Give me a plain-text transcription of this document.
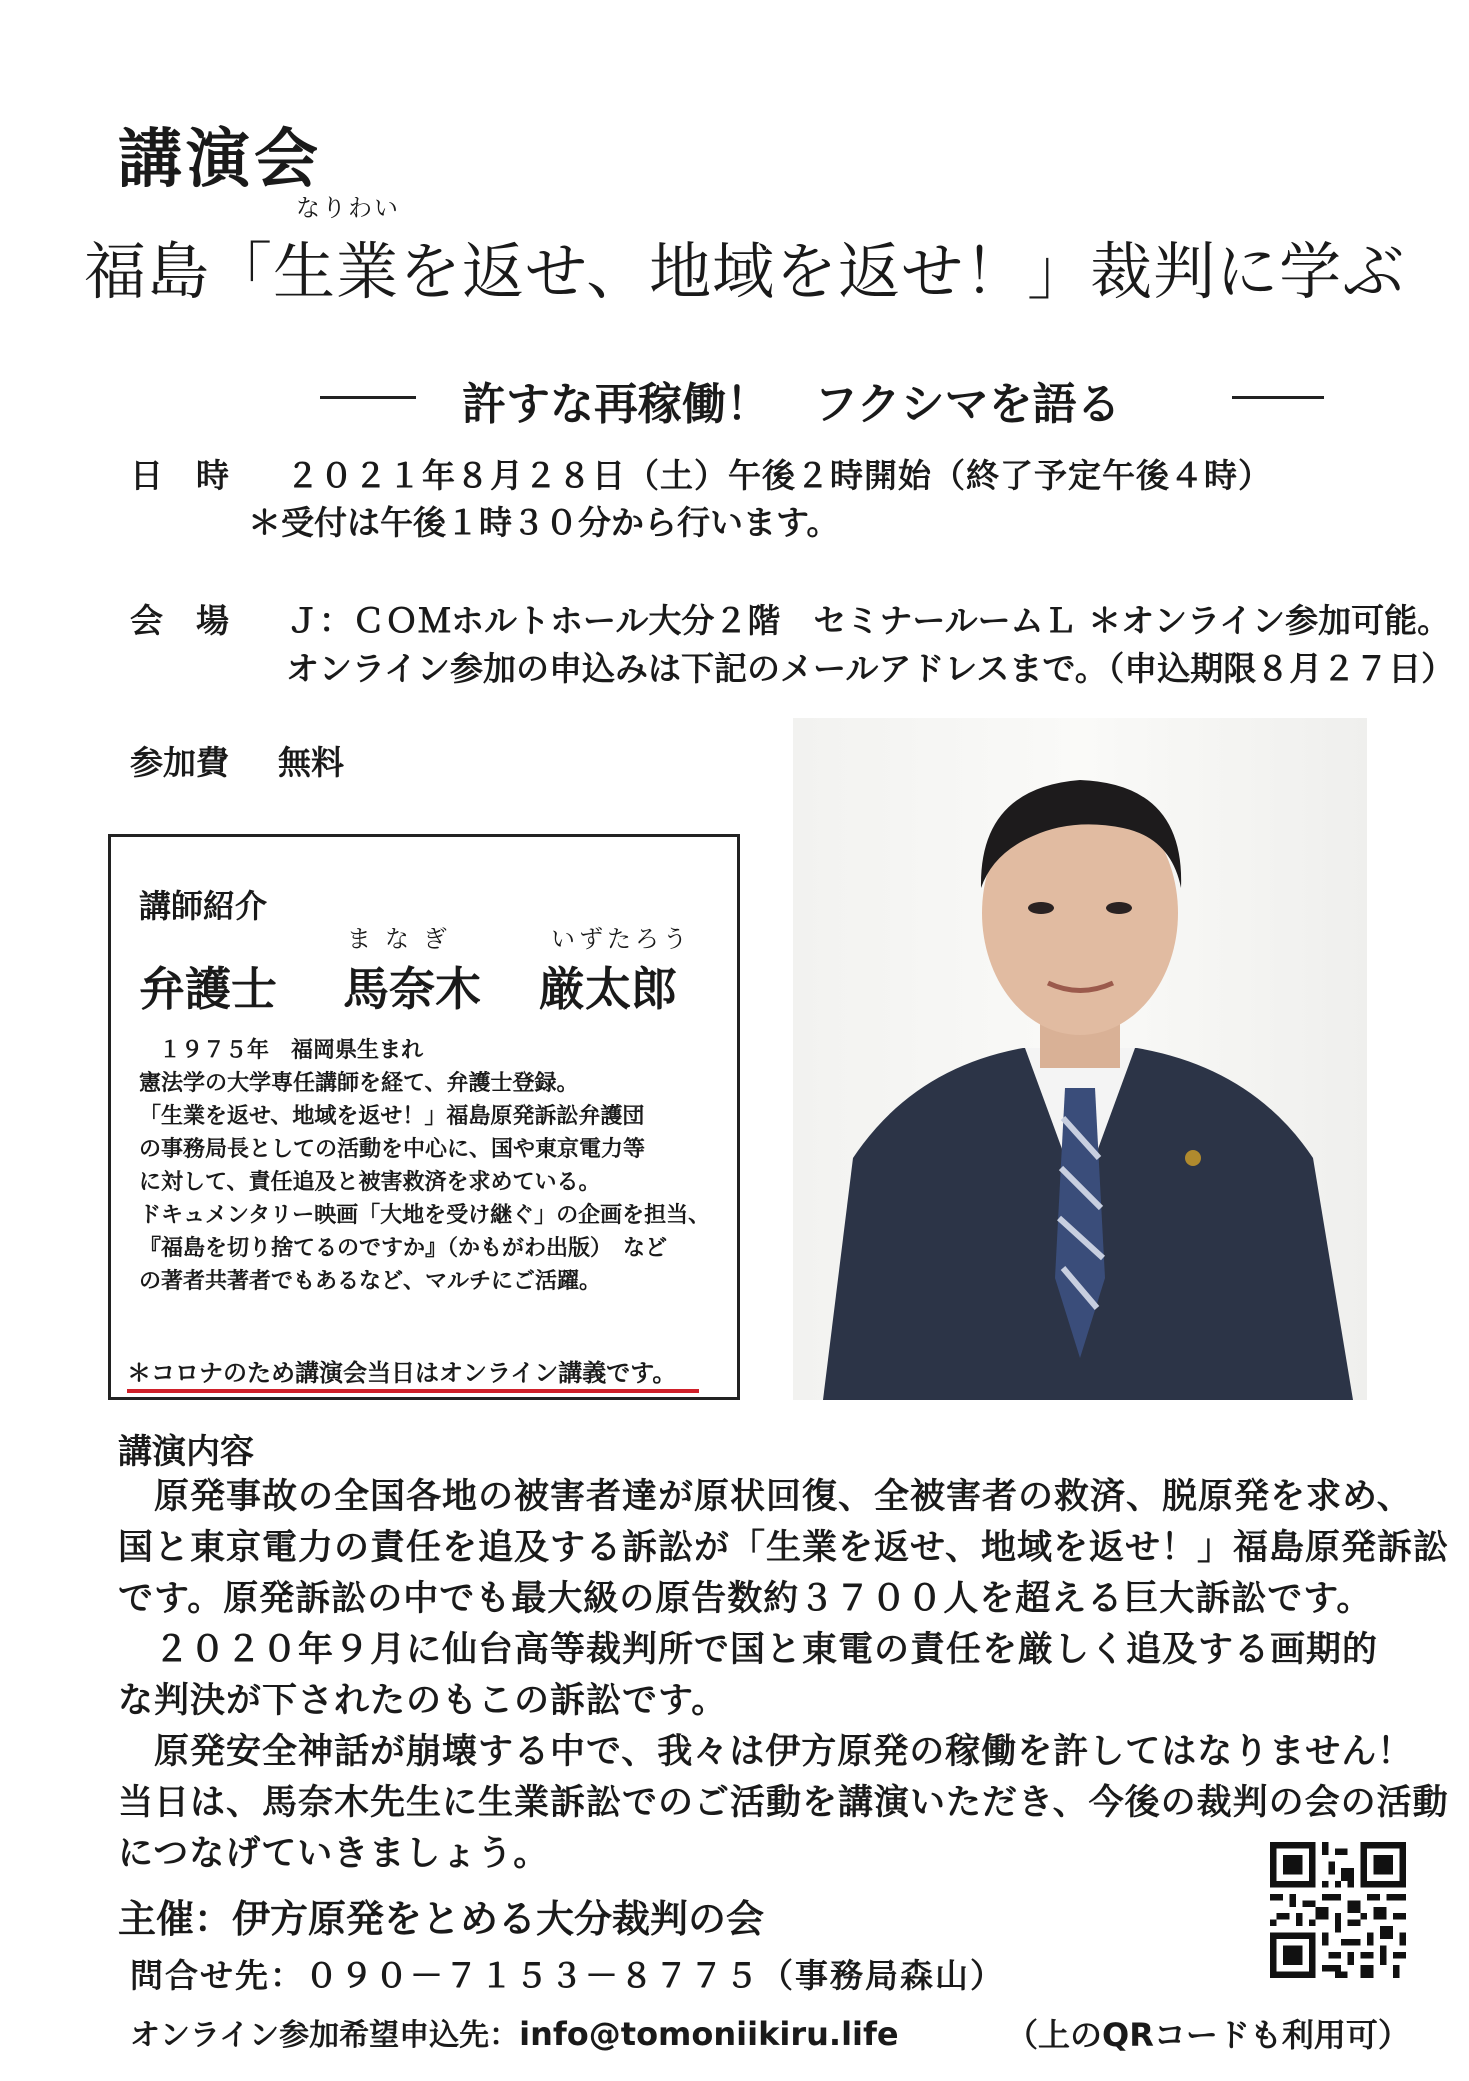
講演会
なりわい
福島「生業を返せ、地域を返せ！」裁判に学ぶ
許すな再稼働！　フクシマを語る
日　時 ２０２１年８月２８日（土）午後２時開始（終了予定午後４時）
＊受付は午後１時３０分から行います。
会　場 Ｊ：ＣＯＭホルトホール大分２階　セミナールームＬ ＊オンライン参加可能。
オンライン参加の申込みは下記のメールアドレスまで。（申込期限８月２７日）
参加費 無料
講師紹介
まなぎ	いずたろう
弁護士 馬奈木 厳太郎
１９７５年　福岡県生まれ
憲法学の大学専任講師を経て、弁護士登録。
「生業を返せ、地域を返せ！」福島原発訴訟弁護団
の事務局長としての活動を中心に、国や東京電力等
に対して、責任追及と被害救済を求めている。
ドキュメンタリー映画「大地を受け継ぐ」の企画を担当、
『福島を切り捨てるのですか』（かもがわ出版）　など
の著者共著者でもあるなど、マルチにご活躍。
＊コロナのため講演会当日はオンライン講義です。
講演内容
　原発事故の全国各地の被害者達が原状回復、全被害者の救済、脱原発を求め、
国と東京電力の責任を追及する訴訟が「生業を返せ、地域を返せ！」福島原発訴訟
です。原発訴訟の中でも最大級の原告数約３７００人を超える巨大訴訟です。
　２０２０年９月に仙台高等裁判所で国と東電の責任を厳しく追及する画期的
な判決が下されたのもこの訴訟です。
　原発安全神話が崩壊する中で、我々は伊方原発の稼働を許してはなりません！
当日は、馬奈木先生に生業訴訟でのご活動を講演いただき、今後の裁判の会の活動
につなげていきましょう。
主催：伊方原発をとめる大分裁判の会
問合せ先：０９０－７１５３－８７７５（事務局森山）
オンライン参加希望申込先：info@tomoniikiru.life	（上のQRコードも利用可）
